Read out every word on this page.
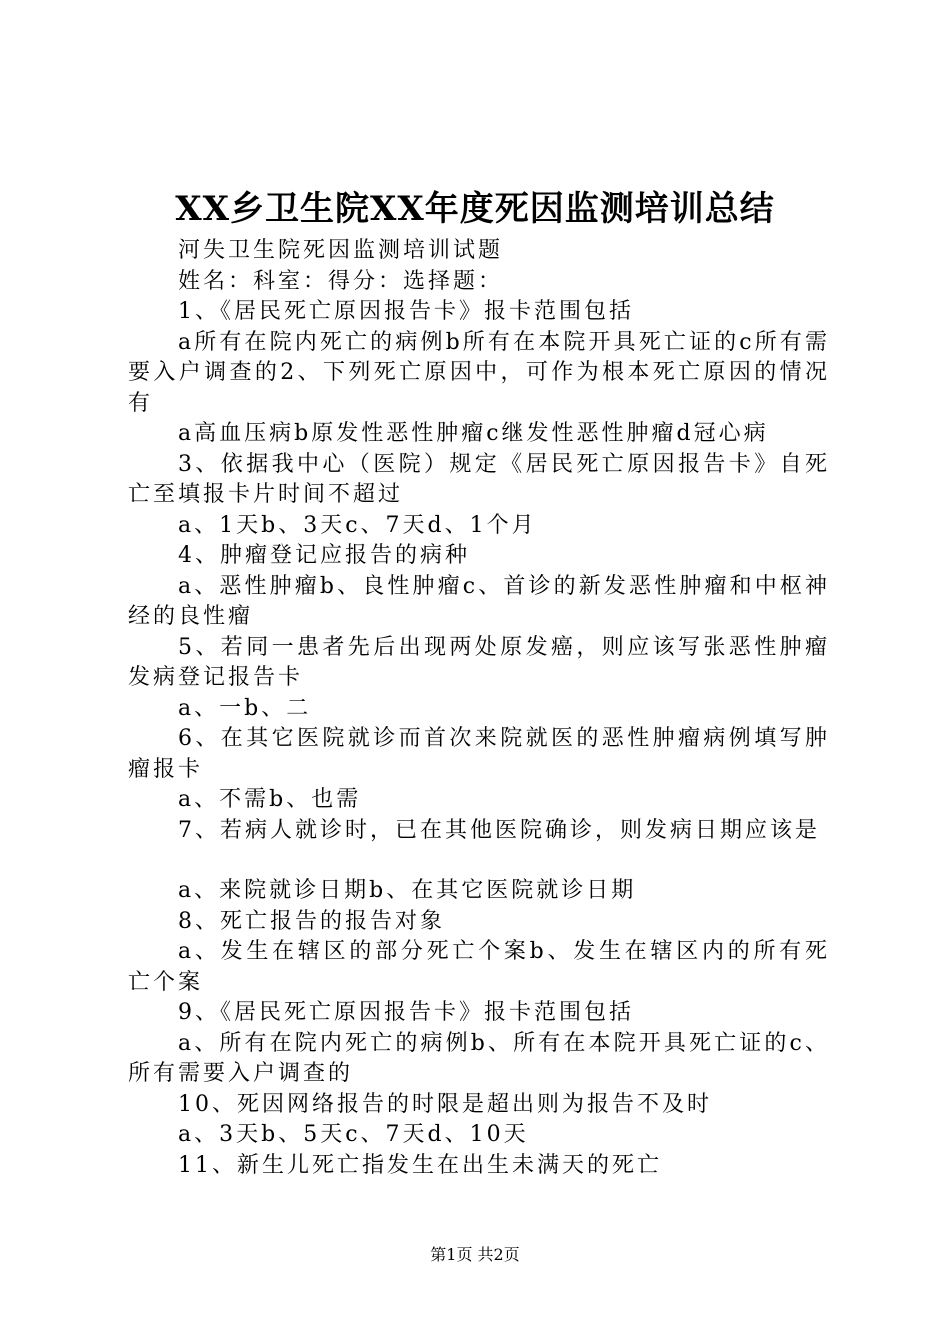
XX乡卫生院XX年度死因监测培训总结

河失卫生院死因监测培训试题

姓名：科室：得分：选择题：

1、《居民死亡原因报告卡》报卡范围包括

a所有在院内死亡的病例b所有在本院开具死亡证的c所有需要入户调查的2、下列死亡原因中，可作为根本死亡原因的情况有

a高血压病b原发性恶性肿瘤c继发性恶性肿瘤d冠心病

3、依据我中心（医院）规定《居民死亡原因报告卡》自死亡至填报卡片时间不超过

a、1天b、3天c、7天d、1个月

4、肿瘤登记应报告的病种

a、恶性肿瘤b、良性肿瘤c、首诊的新发恶性肿瘤和中枢神经的良性瘤

5、若同一患者先后出现两处原发癌，则应该写张恶性肿瘤发病登记报告卡

a、一b、二

6、在其它医院就诊而首次来院就医的恶性肿瘤病例填写肿瘤报卡

a、不需b、也需

7、若病人就诊时，已在其他医院确诊，则发病日期应该是

a、来院就诊日期b、在其它医院就诊日期

8、死亡报告的报告对象

a、发生在辖区的部分死亡个案b、发生在辖区内的所有死亡个案

9、《居民死亡原因报告卡》报卡范围包括

a、所有在院内死亡的病例b、所有在本院开具死亡证的c、所有需要入户调查的

10、死因网络报告的时限是超出则为报告不及时

a、3天b、5天c、7天d、10天

11、新生儿死亡指发生在出生未满天的死亡

第1页 共2页
